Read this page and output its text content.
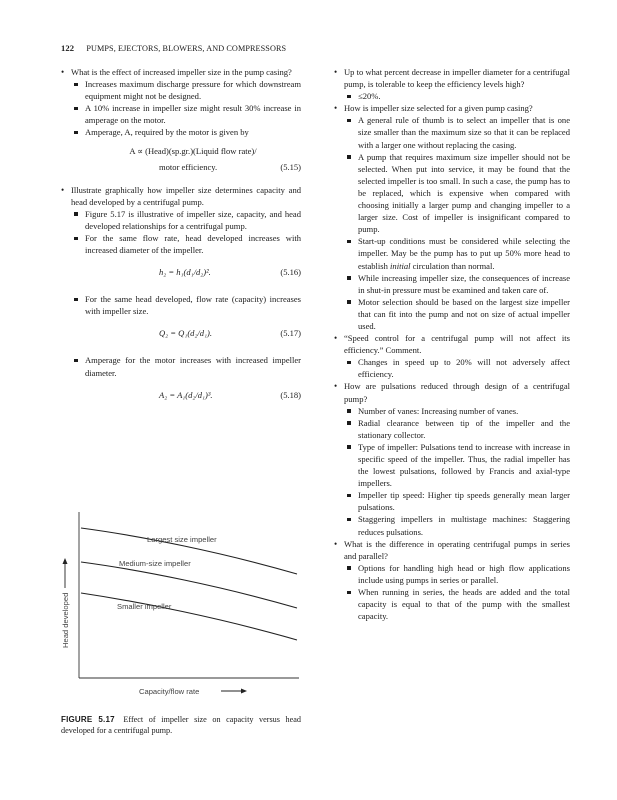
122 PUMPS, EJECTORS, BLOWERS, AND COMPRESSORS

• What is the effect of increased impeller size in the pump casing?

Increases maximum discharge pressure for which downstream equipment might not be designed.

A 10% increase in impeller size might result 30% increase in amperage on the motor.

Amperage, A, required by the motor is given by

A ∝ (Head)(sp.gr.)(Liquid flow rate)/

motor efficiency.	(5.15)

• Illustrate graphically how impeller size determines capacity and head developed by a centrifugal pump.

Figure 5.17 is illustrative of impeller size, capacity, and head developed relationships for a centrifugal pump.

For the same flow rate, head developed increases with increased diameter of the impeller.

h₂ = h₁(d₁/d₂)².	(5.16)

For the same head developed, flow rate (capacity) increases with impeller size.

Q₂ = Q₁(d₂/d₁).	(5.17)

Amperage for the motor increases with increased impeller diameter.

A₂ = A₁(d₂/d₁)³.	(5.18)
Largest size impeller
Medium-size impeller
Smaller impeller
Head developed
Capacity/flow rate

FIGURE 5.17 Effect of impeller size on capacity versus head developed for a centrifugal pump.

• Up to what percent decrease in impeller diameter for a centrifugal pump, is tolerable to keep the efficiency levels high?

≤20%.

• How is impeller size selected for a given pump casing?

A general rule of thumb is to select an impeller that is one size smaller than the maximum size so that it can be replaced with a larger one without replacing the casing.

A pump that requires maximum size impeller should not be selected. When put into service, it may be found that the selected impeller is too small. In such a case, the pump has to be replaced, which is expensive when compared with choosing initially a larger pump and changing impeller to a larger size. Cost of impeller is insignificant compared to pump.

Start-up conditions must be considered while selecting the impeller. May be the pump has to put up 50% more head to establish initial circulation than normal.

While increasing impeller size, the consequences of increase in shut-in pressure must be examined and taken care of.

Motor selection should be based on the largest size impeller that can fit into the pump and not on size of actual impeller used.

• “Speed control for a centrifugal pump will not affect its efficiency.” Comment.

Changes in speed up to 20% will not adversely affect efficiency.

• How are pulsations reduced through design of a centrifugal pump?

Number of vanes: Increasing number of vanes.

Radial clearance between tip of the impeller and the stationary collector.

Type of impeller: Pulsations tend to increase with increase in specific speed of the impeller. Thus, the radial impeller has the lowest pulsations, followed by Francis and axial-type impellers.

Impeller tip speed: Higher tip speeds generally mean larger pulsations.

Staggering impellers in multistage machines: Staggering reduces pulsations.

• What is the difference in operating centrifugal pumps in series and parallel?

Options for handling high head or high flow applications include using pumps in series or parallel.

When running in series, the heads are added and the total capacity is equal to that of the pump with the smallest capacity.
